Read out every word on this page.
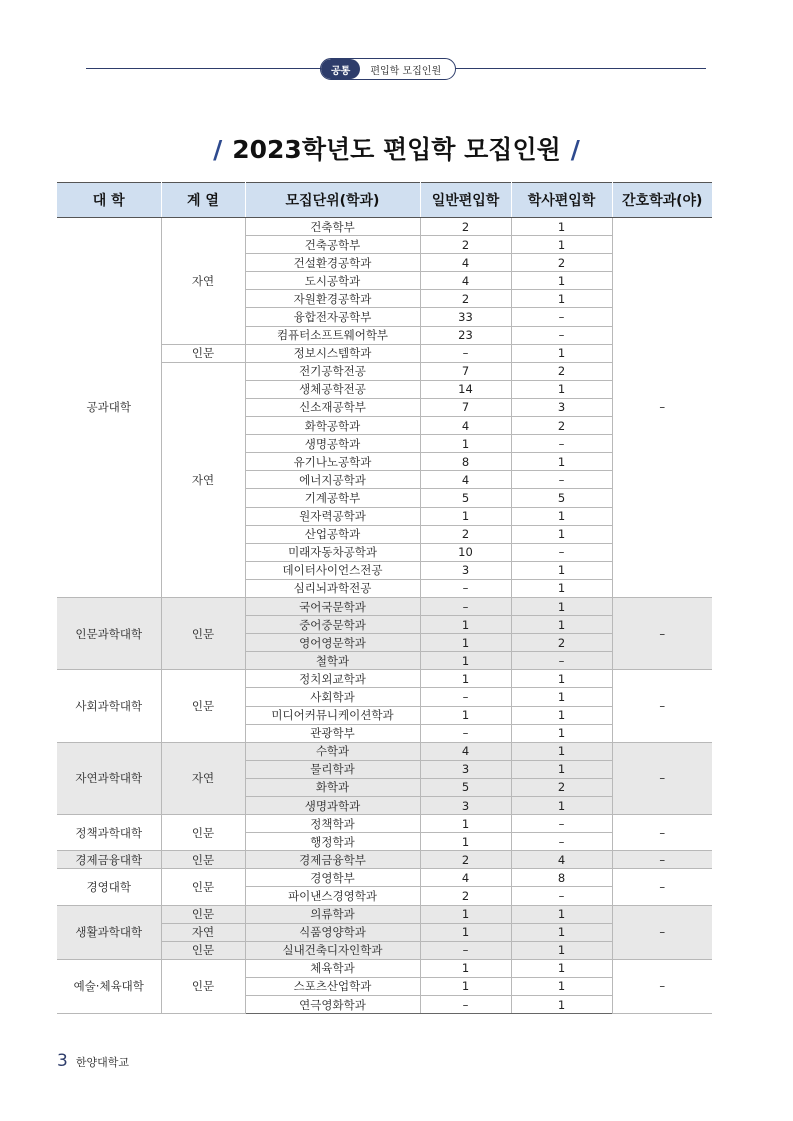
공통	편입학 모집인원
/ 2023학년도 편입학 모집인원 /
대 학	계 열	모집단위(학과)	일반편입학	학사편입학	간호학과(야)
공과대학	자연	건축학부	2	1	–
		건축공학부	2	1	
		건설환경공학과	4	2	
		도시공학과	4	1	
		자원환경공학과	2	1	
		융합전자공학부	33	–	
		컴퓨터소프트웨어학부	23	–	
	인문	정보시스템학과	–	1	
	자연	전기공학전공	7	2	
		생체공학전공	14	1	
		신소재공학부	7	3	
		화학공학과	4	2	
		생명공학과	1	–	
		유기나노공학과	8	1	
		에너지공학과	4	–	
		기계공학부	5	5	
		원자력공학과	1	1	
		산업공학과	2	1	
		미래자동차공학과	10	–	
		데이터사이언스전공	3	1	
		심리뇌과학전공	–	1	
인문과학대학	인문	국어국문학과	–	1	–
		중어중문학과	1	1	
		영어영문학과	1	2	
		철학과	1	–	
사회과학대학	인문	정치외교학과	1	1	–
		사회학과	–	1	
		미디어커뮤니케이션학과	1	1	
		관광학부	–	1	
자연과학대학	자연	수학과	4	1	–
		물리학과	3	1	
		화학과	5	2	
		생명과학과	3	1	
정책과학대학	인문	정책학과	1	–	–
		행정학과	1	–	
경제금융대학	인문	경제금융학부	2	4	–
경영대학	인문	경영학부	4	8	–
		파이낸스경영학과	2	–	
생활과학대학	인문	의류학과	1	1	–
	자연	식품영양학과	1	1	
	인문	실내건축디자인학과	–	1	
예술·체육대학	인문	체육학과	1	1	–
		스포츠산업학과	1	1	
		연극영화학과	–	1	
3 한양대학교
